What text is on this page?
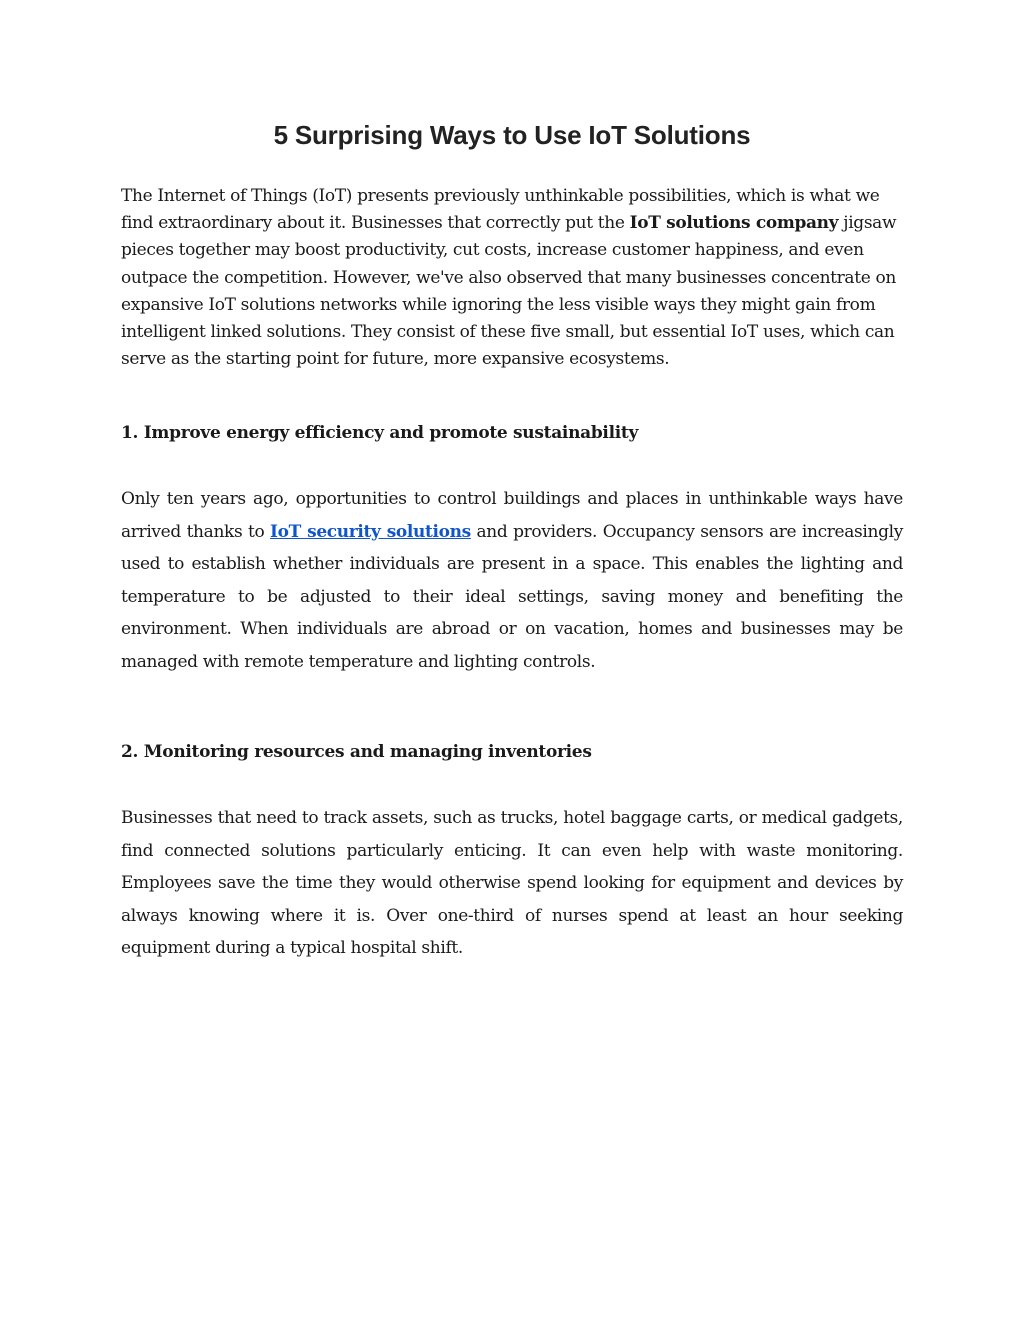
5 Surprising Ways to Use IoT Solutions

The Internet of Things (IoT) presents previously unthinkable possibilities, which is what we find extraordinary about it. Businesses that correctly put the IoT solutions company jigsaw pieces together may boost productivity, cut costs, increase customer happiness, and even outpace the competition. However, we've also observed that many businesses concentrate on expansive IoT solutions networks while ignoring the less visible ways they might gain from intelligent linked solutions. They consist of these five small, but essential IoT uses, which can serve as the starting point for future, more expansive ecosystems.

1. Improve energy efficiency and promote sustainability

Only ten years ago, opportunities to control buildings and places in unthinkable ways have arrived thanks to IoT security solutions and providers. Occupancy sensors are increasingly used to establish whether individuals are present in a space. This enables the lighting and temperature to be adjusted to their ideal settings, saving money and benefiting the environment. When individuals are abroad or on vacation, homes and businesses may be managed with remote temperature and lighting controls.

2. Monitoring resources and managing inventories

Businesses that need to track assets, such as trucks, hotel baggage carts, or medical gadgets, find connected solutions particularly enticing. It can even help with waste monitoring. Employees save the time they would otherwise spend looking for equipment and devices by always knowing where it is. Over one-third of nurses spend at least an hour seeking equipment during a typical hospital shift.
